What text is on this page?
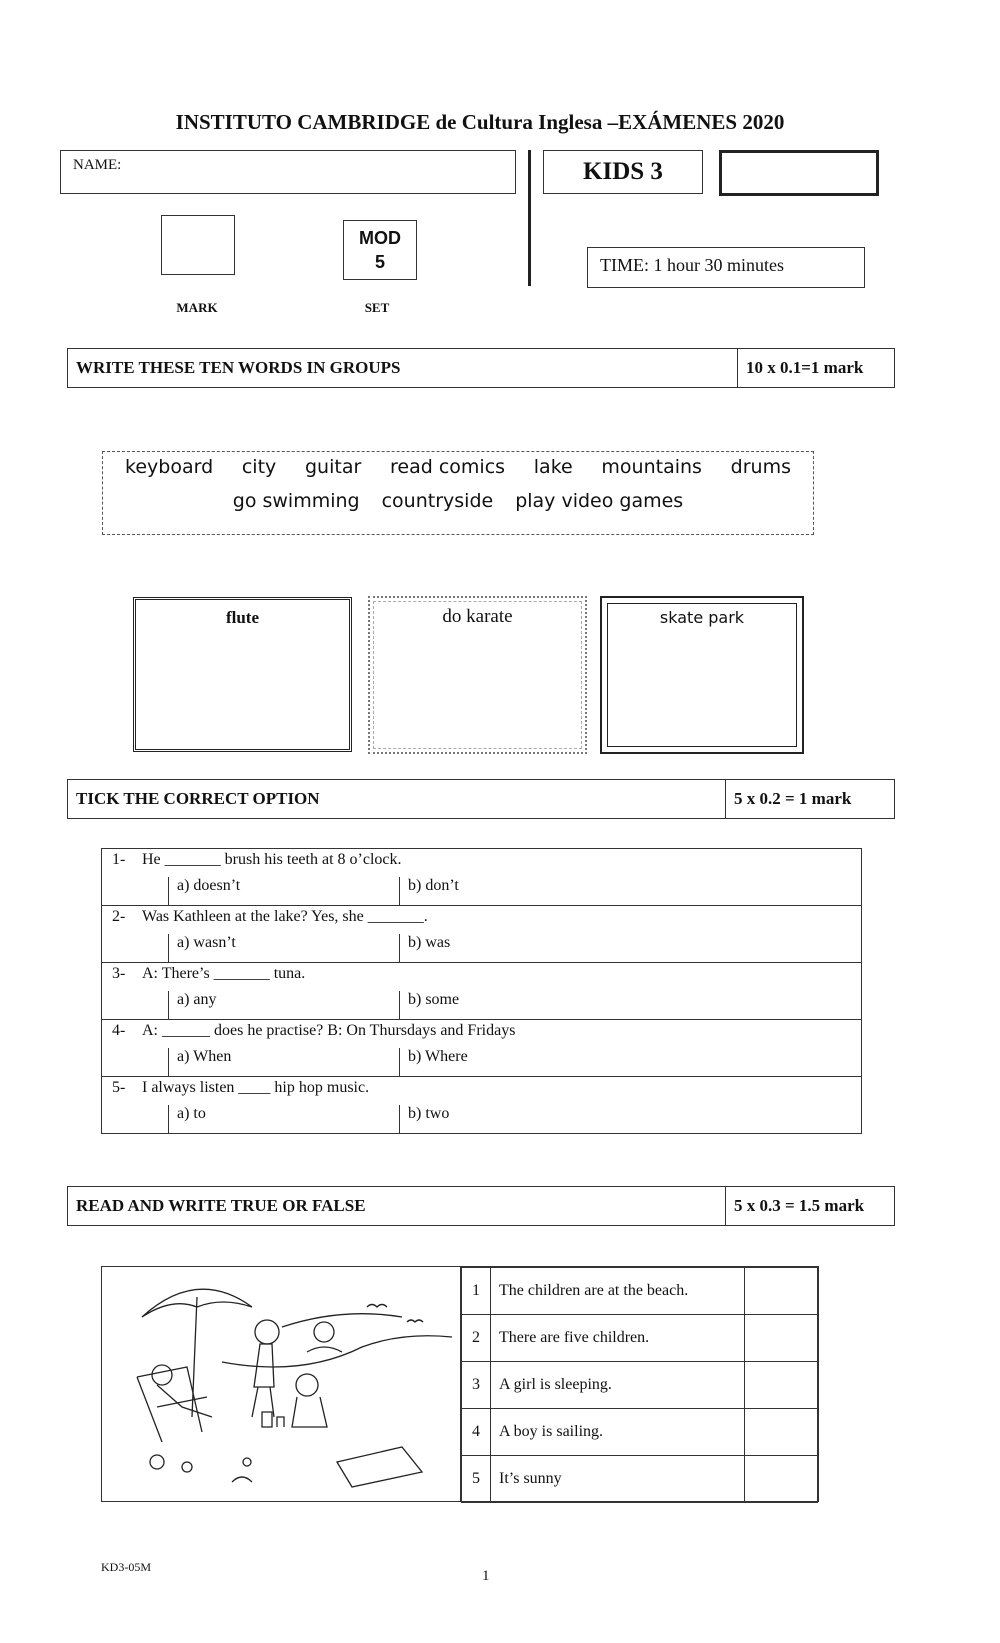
INSTITUTO CAMBRIDGE de Cultura Inglesa –EXÁMENES 2020
NAME:	KIDS 3
MOD
5	TIME: 1 hour 30 minutes
MARK	SET
WRITE THESE TEN WORDS IN GROUPS	10 x 0.1=1 mark
keyboard city guitar read comics lake mountains drums
go swimming countryside play video games
flute	do karate	skate park
TICK THE CORRECT OPTION	5 x 0.2 = 1 mark
1- He _______ brush his teeth at 8 o’clock.
a) doesn’t	b) don’t
2- Was Kathleen at the lake? Yes, she _______.
a) wasn’t	b) was
3- A: There’s _______ tuna.
a) any	b) some
4- A: ______ does he practise? B: On Thursdays and Fridays
a) When	b) Where
5- I always listen ____ hip hop music.
a) to	b) two
READ AND WRITE TRUE OR FALSE	5 x 0.3 = 1.5 mark
1	The children are at the beach.	
2	There are five children.	
3	A girl is sleeping.	
4	A boy is sailing.	
5	It’s sunny	
KD3-05M
1
